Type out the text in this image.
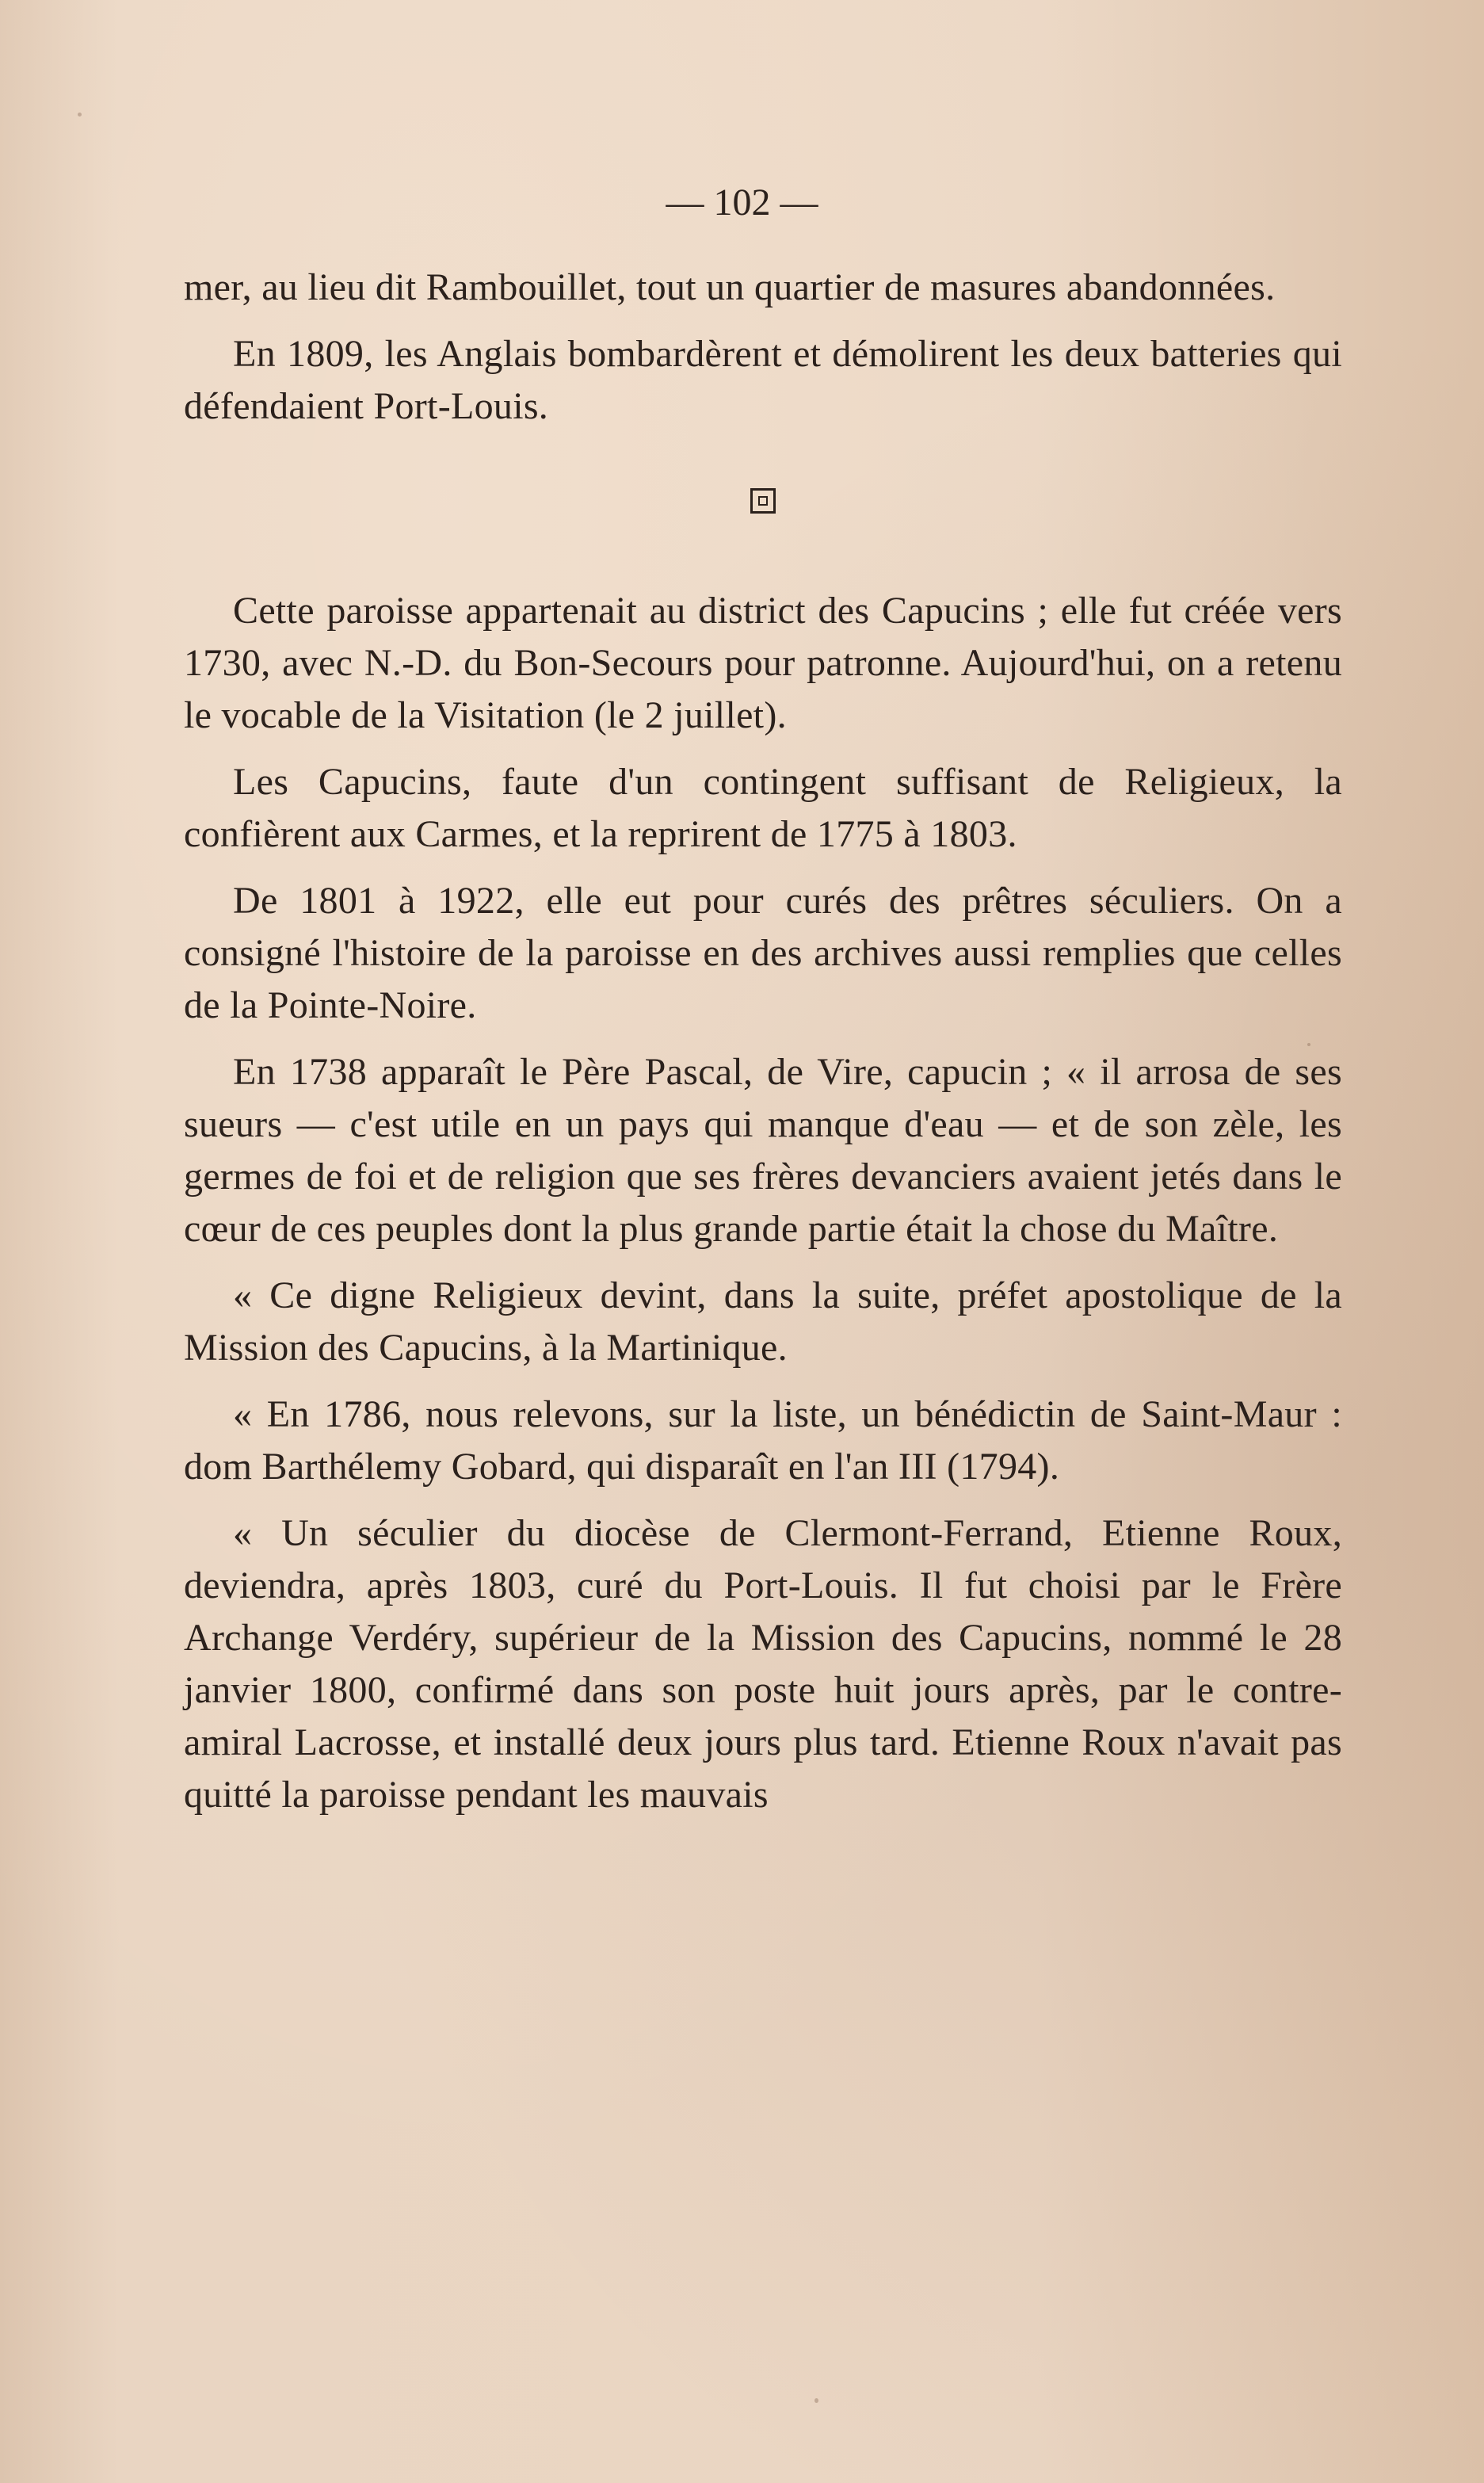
— 102 —

mer, au lieu dit Rambouillet, tout un quartier de masures abandonnées.

En 1809, les Anglais bombardèrent et démolirent les deux batteries qui défendaient Port-Louis.

Cette paroisse appartenait au district des Capucins ; elle fut créée vers 1730, avec N.-D. du Bon-Secours pour patronne. Aujourd'hui, on a retenu le vocable de la Visitation (le 2 juillet).

Les Capucins, faute d'un contingent suffisant de Religieux, la confièrent aux Carmes, et la reprirent de 1775 à 1803.

De 1801 à 1922, elle eut pour curés des prêtres séculiers. On a consigné l'histoire de la paroisse en des archives aussi remplies que celles de la Pointe-Noire.

En 1738 apparaît le Père Pascal, de Vire, capucin ; « il arrosa de ses sueurs — c'est utile en un pays qui manque d'eau — et de son zèle, les germes de foi et de religion que ses frères devanciers avaient jetés dans le cœur de ces peuples dont la plus grande partie était la chose du Maître.

« Ce digne Religieux devint, dans la suite, préfet apostolique de la Mission des Capucins, à la Martinique.

« En 1786, nous relevons, sur la liste, un bénédictin de Saint-Maur : dom Barthélemy Gobard, qui disparaît en l'an III (1794).

« Un séculier du diocèse de Clermont-Ferrand, Etienne Roux, deviendra, après 1803, curé du Port-Louis. Il fut choisi par le Frère Archange Verdéry, supérieur de la Mission des Capucins, nommé le 28 janvier 1800, confirmé dans son poste huit jours après, par le contre-amiral Lacrosse, et installé deux jours plus tard. Etienne Roux n'avait pas quitté la paroisse pendant les mauvais
